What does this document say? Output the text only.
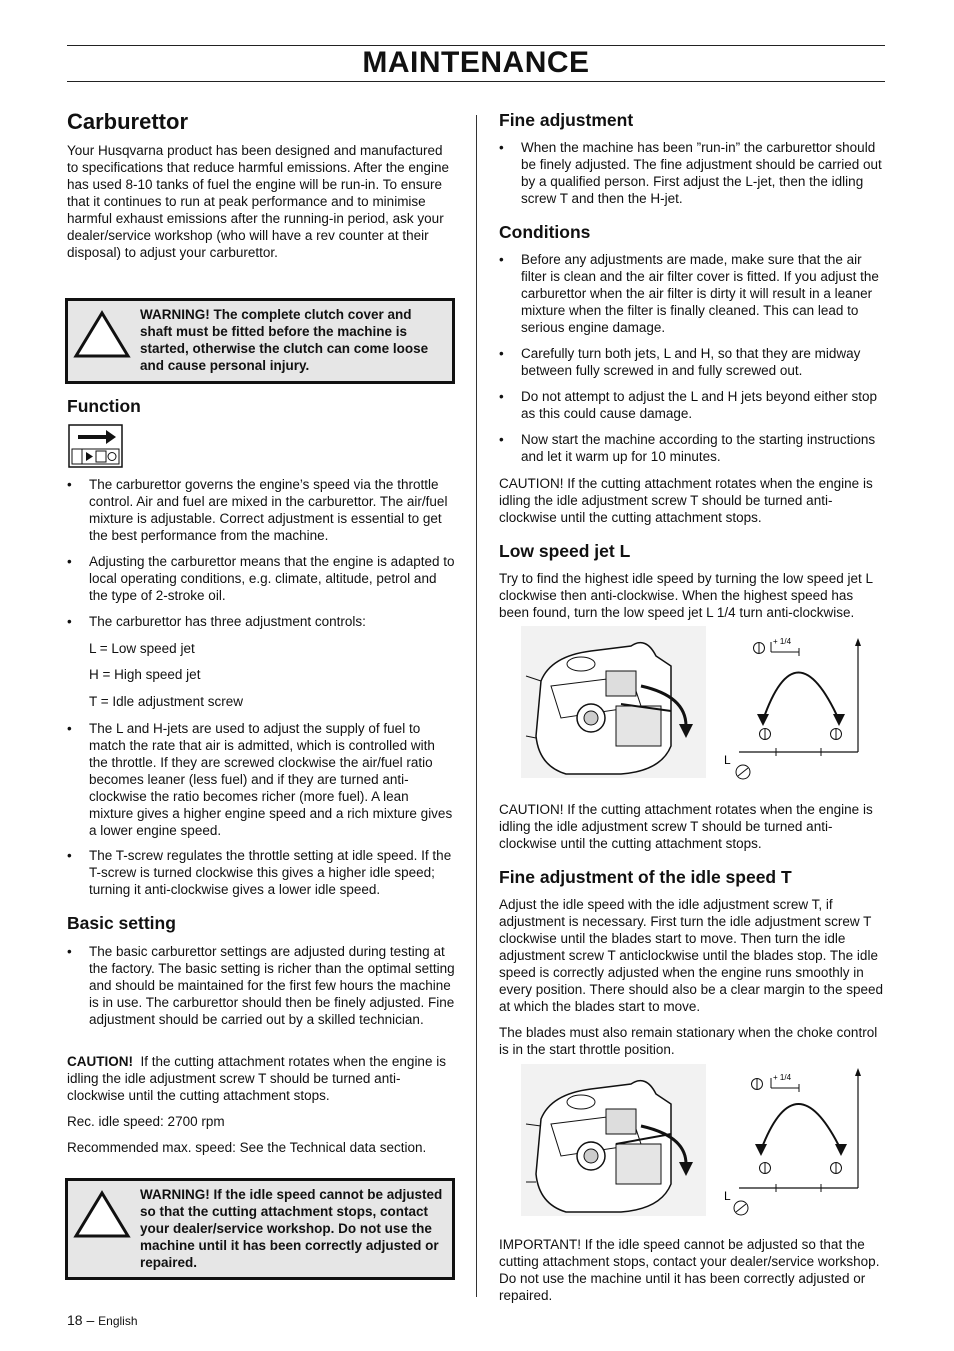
MAINTENANCE
Carburettor

Your Husqvarna product has been designed and manufactured to specifications that reduce harmful emissions. After the engine has used 8-10 tanks of fuel the engine will be run-in. To ensure that it continues to run at peak performance and to minimise harmful exhaust emissions after the running-in period, ask your dealer/service workshop (who will have a rev counter at their disposal) to adjust your carburettor.

WARNING! The complete clutch cover and shaft must be fitted before the machine is started, otherwise the clutch can come loose and cause personal injury.
Function
• The carburettor governs the engine’s speed via the throttle control. Air and fuel are mixed in the carburettor. The air/fuel mixture is adjustable. Correct adjustment is essential to get the best performance from the machine.
• Adjusting the carburettor means that the engine is adapted to local operating conditions, e.g. climate, altitude, petrol and the type of 2-stroke oil.
• The carburettor has three adjustment controls:

L = Low speed jet

H = High speed jet

T = Idle adjustment screw

• The L and H-jets are used to adjust the supply of fuel to match the rate that air is admitted, which is controlled with the throttle. If they are screwed clockwise the air/fuel ratio becomes leaner (less fuel) and if they are turned anti-clockwise the ratio becomes richer (more fuel). A lean mixture gives a higher engine speed and a rich mixture gives a lower engine speed.
• The T-screw regulates the throttle setting at idle speed. If the T-screw is turned clockwise this gives a higher idle speed; turning it anti-clockwise gives a lower idle speed.
Basic setting
• The basic carburettor settings are adjusted during testing at the factory. The basic setting is richer than the optimal setting and should be maintained for the first few hours the machine is in use. The carburettor should then be finely adjusted. Fine adjustment should be carried out by a skilled technician.

CAUTION! If the cutting attachment rotates when the engine is idling the idle adjustment screw T should be turned anti-clockwise until the cutting attachment stops.

Rec. idle speed: 2700 rpm

Recommended max. speed: See the Technical data section.

WARNING! If the idle speed cannot be adjusted so that the cutting attachment stops, contact your dealer/service workshop. Do not use the machine until it has been correctly adjusted or repaired.
Fine adjustment
• When the machine has been ”run-in” the carburettor should be finely adjusted. The fine adjustment should be carried out by a qualified person. First adjust the L-jet, then the idling screw T and then the H-jet.
Conditions
• Before any adjustments are made, make sure that the air filter is clean and the air filter cover is fitted. If you adjust the carburettor when the air filter is dirty it will result in a leaner mixture when the filter is finally cleaned. This can lead to serious engine damage.
• Carefully turn both jets, L and H, so that they are midway between fully screwed in and fully screwed out.
• Do not attempt to adjust the L and H jets beyond either stop as this could cause damage.
• Now start the machine according to the starting instructions and let it warm up for 10 minutes.

CAUTION! If the cutting attachment rotates when the engine is idling the idle adjustment screw T should be turned anti-clockwise until the cutting attachment stops.

Low speed jet L

Try to find the highest idle speed by turning the low speed jet L clockwise then anti-clockwise. When the highest speed has been found, turn the low speed jet L 1/4 turn anti-clockwise.

+ 1/4
L

CAUTION! If the cutting attachment rotates when the engine is idling the idle adjustment screw T should be turned anti-clockwise until the cutting attachment stops.

Fine adjustment of the idle speed T

Adjust the idle speed with the idle adjustment screw T, if adjustment is necessary. First turn the idle adjustment screw T clockwise until the blades start to move. Then turn the idle adjustment screw T anticlockwise until the blades stop. The idle speed is correctly adjusted when the engine runs smoothly in every position. There should also be a clear margin to the speed at which the blades start to move.

The blades must also remain stationary when the choke control is in the start throttle position.

+ 1/4
L

IMPORTANT! If the idle speed cannot be adjusted so that the cutting attachment stops, contact your dealer/service workshop. Do not use the machine until it has been correctly adjusted or repaired.

18 – English
